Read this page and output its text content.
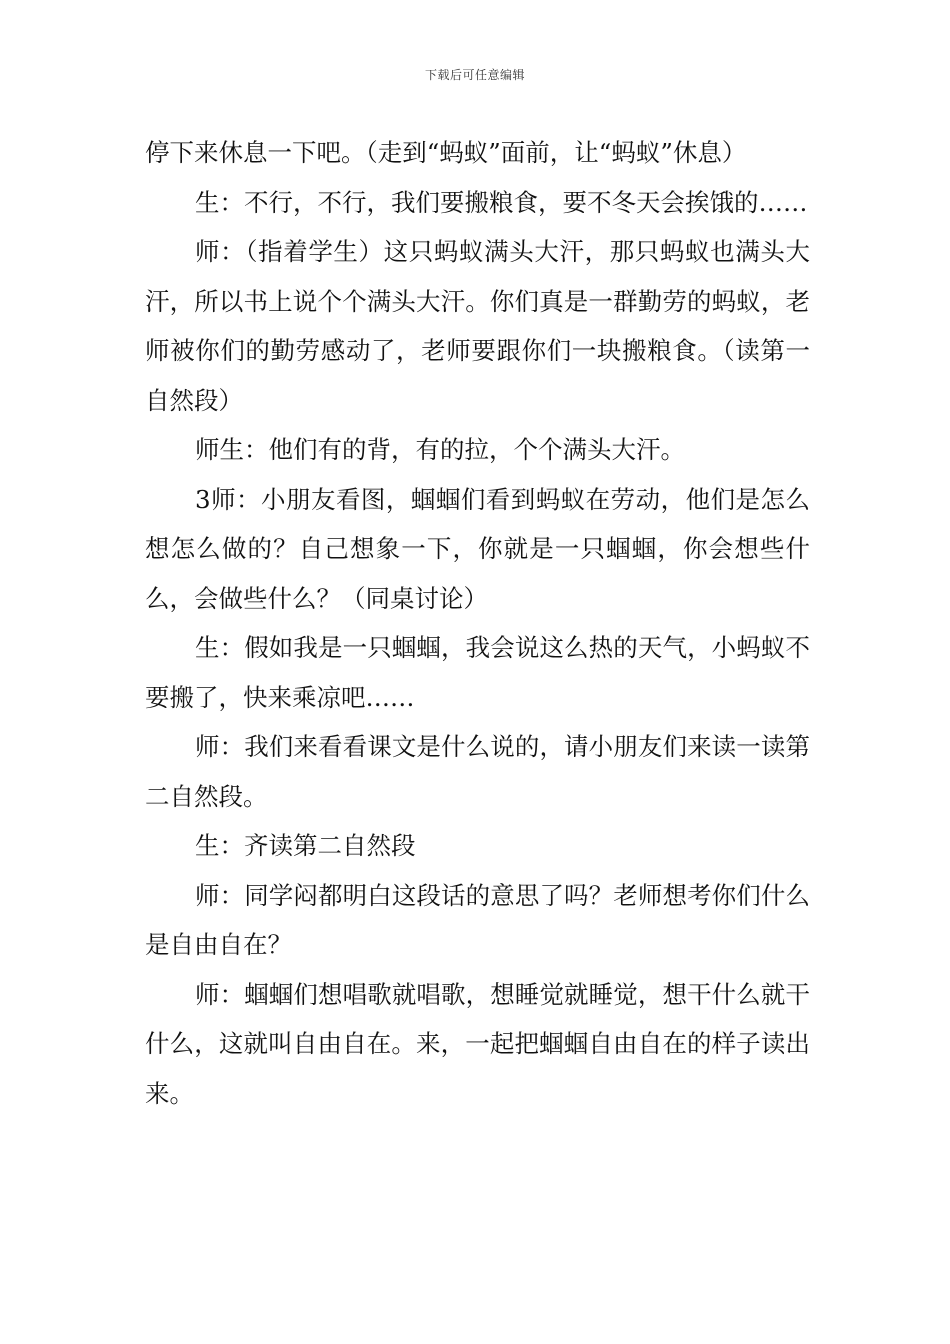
下载后可任意编辑

停下来休息一下吧。（走到“蚂蚁”面前，让“蚂蚁”休息）

生：不行，不行，我们要搬粮食，要不冬天会挨饿的……

师：（指着学生）这只蚂蚁满头大汗，那只蚂蚁也满头大汗，所以书上说个个满头大汗。你们真是一群勤劳的蚂蚁，老师被你们的勤劳感动了，老师要跟你们一块搬粮食。（读第一自然段）

师生：他们有的背，有的拉，个个满头大汗。

3师：小朋友看图，蝈蝈们看到蚂蚁在劳动，他们是怎么想怎么做的？自己想象一下，你就是一只蝈蝈，你会想些什么，会做些什么？（同桌讨论）

生：假如我是一只蝈蝈，我会说这么热的天气，小蚂蚁不要搬了，快来乘凉吧……

师：我们来看看课文是什么说的，请小朋友们来读一读第二自然段。

生：齐读第二自然段

师：同学闷都明白这段话的意思了吗？老师想考你们什么是自由自在？

师：蝈蝈们想唱歌就唱歌，想睡觉就睡觉，想干什么就干什么，这就叫自由自在。来，一起把蝈蝈自由自在的样子读出来。
